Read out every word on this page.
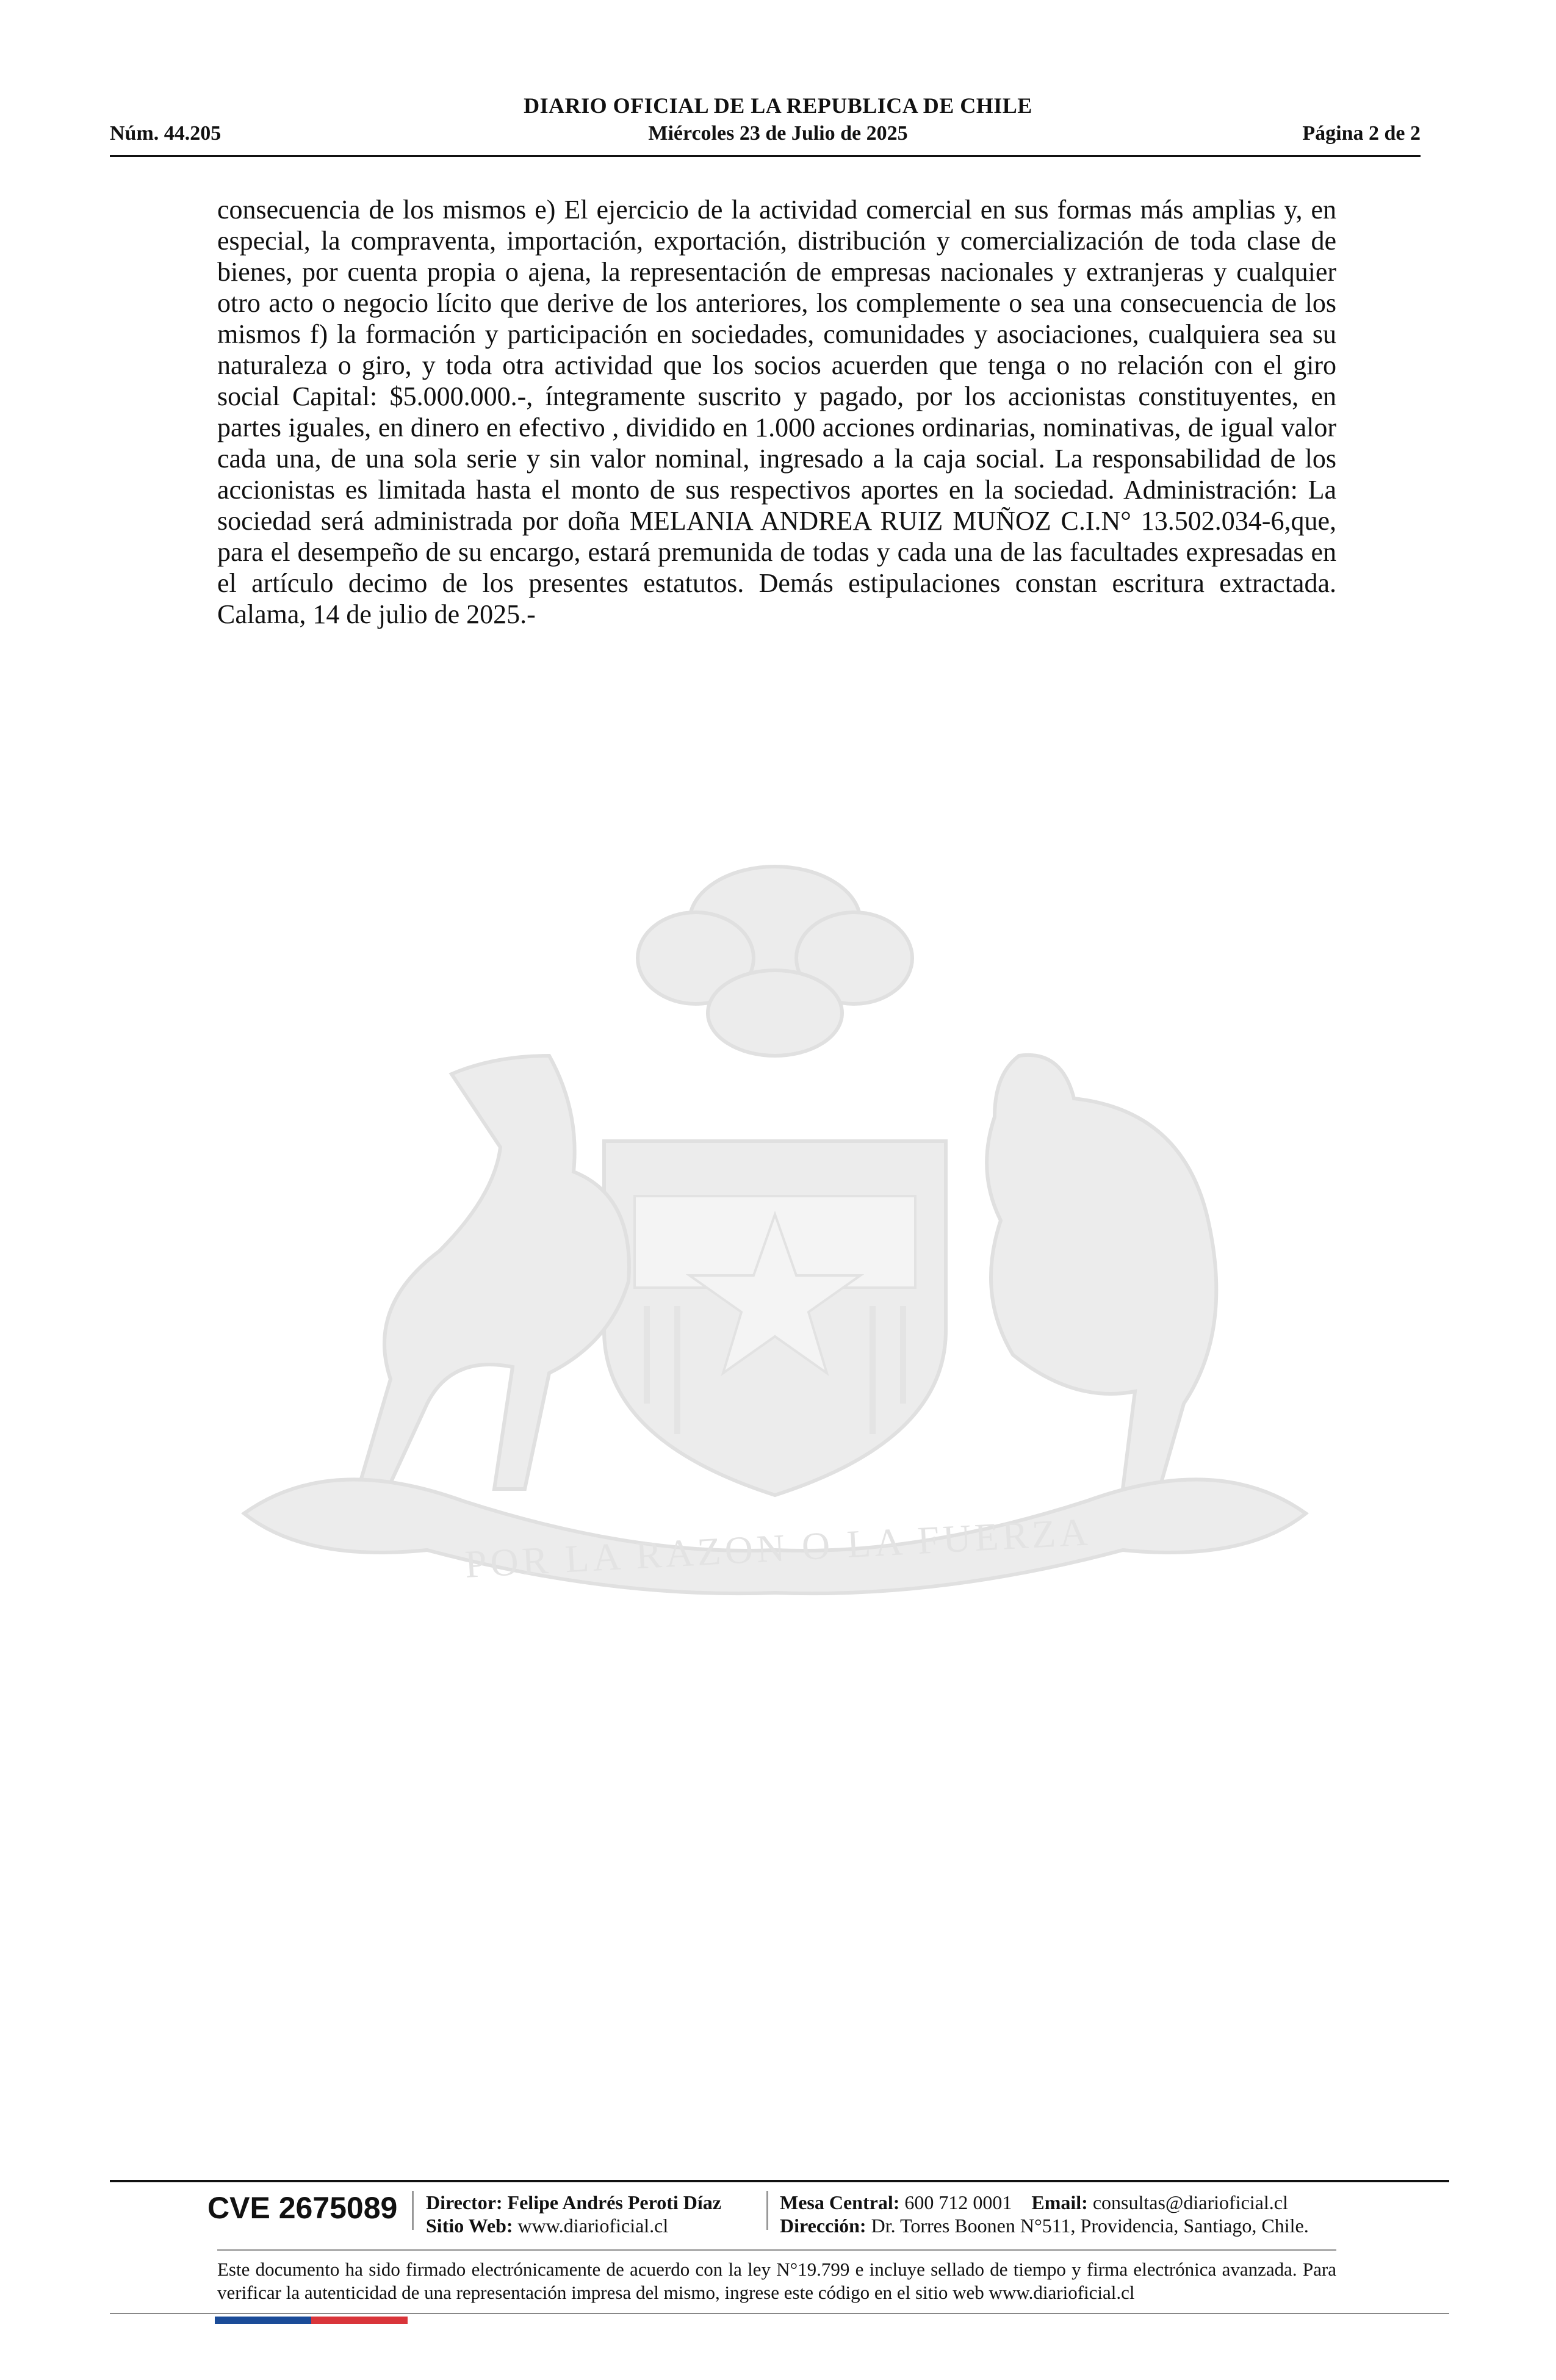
DIARIO OFICIAL DE LA REPUBLICA DE CHILE
Núm. 44.205	Miércoles 23 de Julio de 2025	Página 2 de 2
POR LA RAZON O LA FUERZA

consecuencia de los mismos e) El ejercicio de la actividad comercial en sus formas más amplias y, en especial, la compraventa, importación, exportación, distribución y comercialización de toda clase de bienes, por cuenta propia o ajena, la representación de empresas nacionales y extranjeras y cualquier otro acto o negocio lícito que derive de los anteriores, los complemente o sea una consecuencia de los mismos f) la formación y participación en sociedades, comunidades y asociaciones, cualquiera sea su naturaleza o giro, y toda otra actividad que los socios acuerden que tenga o no relación con el giro social Capital: $5.000.000.-, íntegramente suscrito y pagado, por los accionistas constituyentes, en partes iguales, en dinero en efectivo , dividido en 1.000 acciones ordinarias, nominativas, de igual valor cada una, de una sola serie y sin valor nominal, ingresado a la caja social. La responsabilidad de los accionistas es limitada hasta el monto de sus respectivos aportes en la sociedad. Administración: La sociedad será administrada por doña MELANIA ANDREA RUIZ MUÑOZ C.I.N° 13.502.034-6,que, para el desempeño de su encargo, estará premunida de todas y cada una de las facultades expresadas en el artículo decimo de los presentes estatutos. Demás estipulaciones constan escritura extractada. Calama, 14 de julio de 2025.-

CVE 2675089 Director: Felipe Andrés Peroti Díaz
Sitio Web: www.diarioficial.cl
Mesa Central: 600 712 0001 Email: consultas@diarioficial.cl
Dirección: Dr. Torres Boonen N°511, Providencia, Santiago, Chile.

Este documento ha sido firmado electrónicamente de acuerdo con la ley N°19.799 e incluye sellado de tiempo y firma electrónica avanzada. Para verificar la autenticidad de una representación impresa del mismo, ingrese este código en el sitio web www.diarioficial.cl
